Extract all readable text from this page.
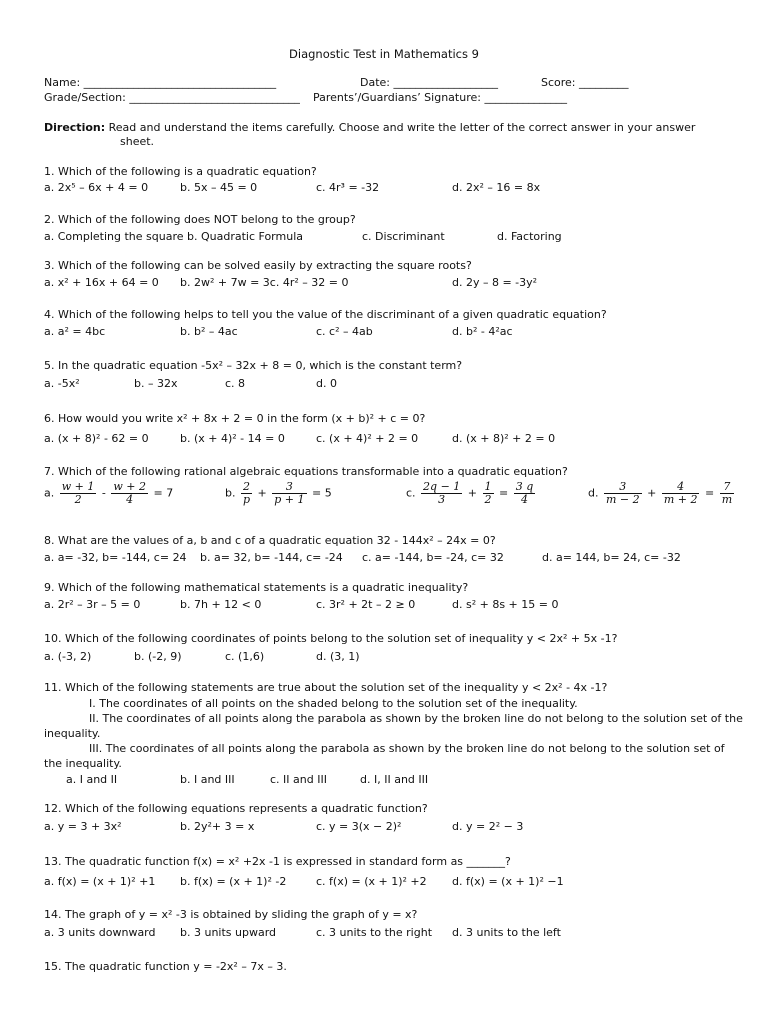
Diagnostic Test in Mathematics 9
Name: ___________________________________	Date: ___________________	Score: _________
Grade/Section: _______________________________ Parents’/Guardians’ Signature: _______________
Direction: Read and understand the items carefully. Choose and write the letter of the correct answer in your answer
sheet.
1. Which of the following is a quadratic equation?
a. 2x⁵ – 6x + 4 = 0	b. 5x – 45 = 0	c. 4r³ = -32	d. 2x² – 16 = 8x
2. Which of the following does NOT belong to the group?
a. Completing the square b. Quadratic Formula	c. Discriminant	d. Factoring
3. Which of the following can be solved easily by extracting the square roots?
a. x² + 16x + 64 = 0 b. 2w² + 7w = 3c. 4r² – 32 = 0	d. 2y – 8 = -3y²
4. Which of the following helps to tell you the value of the discriminant of a given quadratic equation?
a. a² = 4bc	b. b² – 4ac	c. c² – 4ab	d. b² - 4²ac
5. In the quadratic equation -5x² – 32x + 8 = 0, which is the constant term?
a. -5x²	b. – 32x	c. 8	d. 0
6. How would you write x² + 8x + 2 = 0 in the form (x + b)² + c = 0?
a. (x + 8)² - 62 = 0	b. (x + 4)² - 14 = 0	c. (x + 4)² + 2 = 0	d. (x + 8)² + 2 = 0
7. Which of the following rational algebraic equations transformable into a quadratic equation?
a. $\frac{w + 1}{2} - \frac{w + 2}{4} = 7$	b. $\frac{2}{p} + \frac{3}{p + 1} = 5$	c. $\frac{2q - 1}{3} + \frac{1}{2} = \frac{3 q}{4}$	d. $\frac{3}{m - 2} + \frac{4}{m + 2} = \frac{7}{m}$
8. What are the values of a, b and c of a quadratic equation 32 - 144x² – 24x = 0?
a. a= -32, b= -144, c= 24 b. a= 32, b= -144, c= -24 c. a= -144, b= -24, c= 32	d. a= 144, b= 24, c= -32
9. Which of the following mathematical statements is a quadratic inequality?
a. 2r² – 3r – 5 = 0	b. 7h + 12 < 0	c. 3r² + 2t – 2 ≥ 0	d. s² + 8s + 15 = 0
10. Which of the following coordinates of points belong to the solution set of inequality y < 2x² + 5x -1?
a. (-3, 2)	b. (-2, 9)	c. (1,6)	d. (3, 1)
11. Which of the following statements are true about the solution set of the inequality y < 2x² - 4x -1?
I. The coordinates of all points on the shaded belong to the solution set of the inequality.
II. The coordinates of all points along the parabola as shown by the broken line do not belong to the solution set of the
inequality.
III. The coordinates of all points along the parabola as shown by the broken line do not belong to the solution set of
the inequality.
a. I and II	b. I and III	c. II and III	d. I, II and III
12. Which of the following equations represents a quadratic function?
a. y = 3 + 3x²	b. 2y²+ 3 = x	c. y = 3(x − 2)²	d. y = 2² − 3
13. The quadratic function f(x) = x² +2x -1 is expressed in standard form as _______?
a. f(x) = (x + 1)² +1 b. f(x) = (x + 1)² -2	c. f(x) = (x + 1)² +2 d. f(x) = (x + 1)² −1
14. The graph of y = x² -3 is obtained by sliding the graph of y = x?
a. 3 units downward b. 3 units upward	c. 3 units to the right d. 3 units to the left
15. The quadratic function y = -2x² – 7x – 3.
